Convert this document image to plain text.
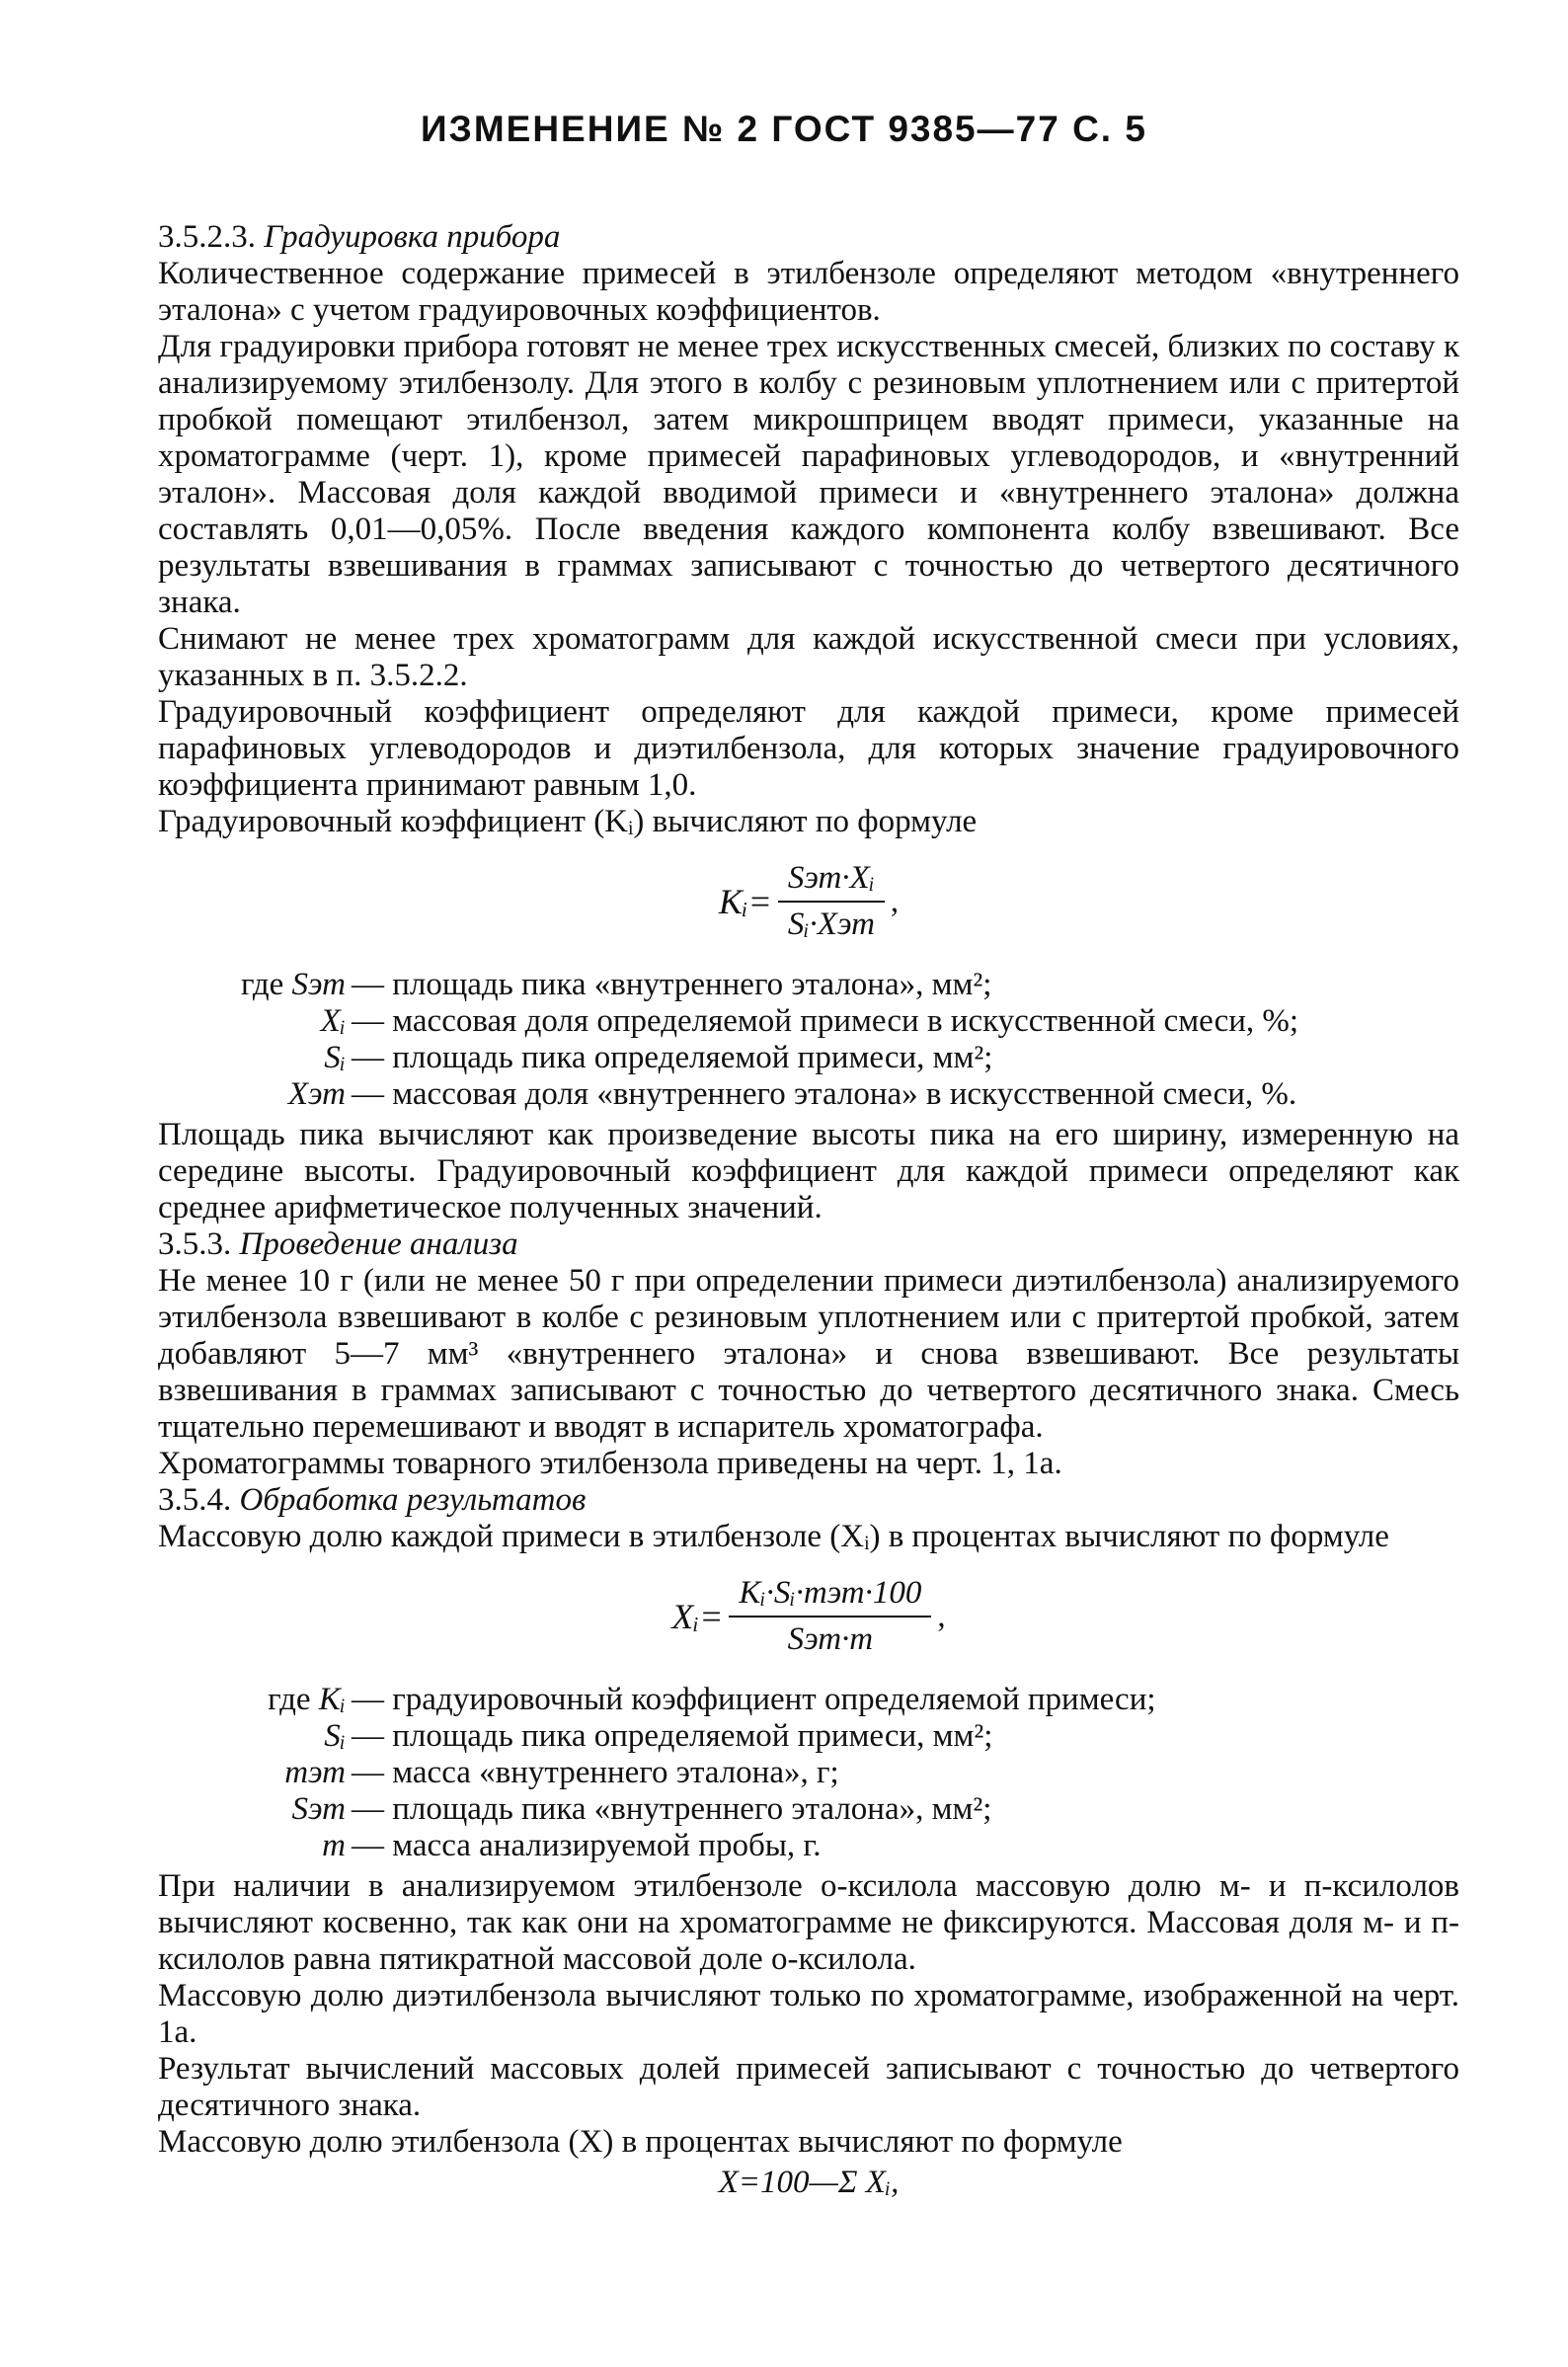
ИЗМЕНЕНИЕ № 2 ГОСТ 9385—77 С. 5

3.5.2.3. Градуировка прибора

Количественное содержание примесей в этилбензоле определяют методом «внутреннего эталона» с учетом градуировочных коэффициентов.

Для градуировки прибора готовят не менее трех искусственных смесей, близких по составу к анализируемому этилбензолу. Для этого в колбу с резиновым уплотнением или с притертой пробкой помещают этилбензол, затем микрошприцем вводят примеси, указанные на хроматограмме (черт. 1), кроме примесей парафиновых углеводородов, и «внутренний эталон». Массовая доля каждой вводимой примеси и «внутреннего эталона» должна составлять 0,01—0,05%. После введения каждого компонента колбу взвешивают. Все результаты взвешивания в граммах записывают с точностью до четвертого десятичного знака.

Снимают не менее трех хроматограмм для каждой искусственной смеси при условиях, указанных в п. 3.5.2.2.

Градуировочный коэффициент определяют для каждой примеси, кроме примесей парафиновых углеводородов и диэтилбензола, для которых значение градуировочного коэффициента принимают равным 1,0.

Градуировочный коэффициент (Kᵢ) вычисляют по формуле

Kᵢ= $\frac{\text{Sэт·Xᵢ}}{\text{Sᵢ·Xэт}}$ ,
где Sэт — площадь пика «внутреннего эталона», мм²;
Xᵢ — массовая доля определяемой примеси в искусственной смеси, %;
Sᵢ — площадь пика определяемой примеси, мм²;
Xэт — массовая доля «внутреннего эталона» в искусственной смеси, %.

Площадь пика вычисляют как произведение высоты пика на его ширину, измеренную на середине высоты. Градуировочный коэффициент для каждой примеси определяют как среднее арифметическое полученных значений.

3.5.3. Проведение анализа

Не менее 10 г (или не менее 50 г при определении примеси диэтилбензола) анализируемого этилбензола взвешивают в колбе с резиновым уплотнением или с притертой пробкой, затем добавляют 5—7 мм³ «внутреннего эталона» и снова взвешивают. Все результаты взвешивания в граммах записывают с точностью до четвертого десятичного знака. Смесь тщательно перемешивают и вводят в испаритель хроматографа.

Хроматограммы товарного этилбензола приведены на черт. 1, 1а.

3.5.4. Обработка результатов

Массовую долю каждой примеси в этилбензоле (Xᵢ) в процентах вычисляют по формуле

Xᵢ= $\frac{\text{Kᵢ·Sᵢ·mэт·100}}{\text{Sэт·m}}$ ,
где Kᵢ — градуировочный коэффициент определяемой примеси;
Sᵢ — площадь пика определяемой примеси, мм²;
mэт — масса «внутреннего эталона», г;
Sэт — площадь пика «внутреннего эталона», мм²;
m — масса анализируемой пробы, г.

При наличии в анализируемом этилбензоле о-ксилола массовую долю м- и п-ксилолов вычисляют косвенно, так как они на хроматограмме не фиксируются. Массовая доля м- и п-ксилолов равна пятикратной массовой доле о-ксилола.

Массовую долю диэтилбензола вычисляют только по хроматограмме, изображенной на черт. 1а.

Результат вычислений массовых долей примесей записывают с точностью до четвертого десятичного знака.

Массовую долю этилбензола (X) в процентах вычисляют по формуле

X=100—Σ Xᵢ,
